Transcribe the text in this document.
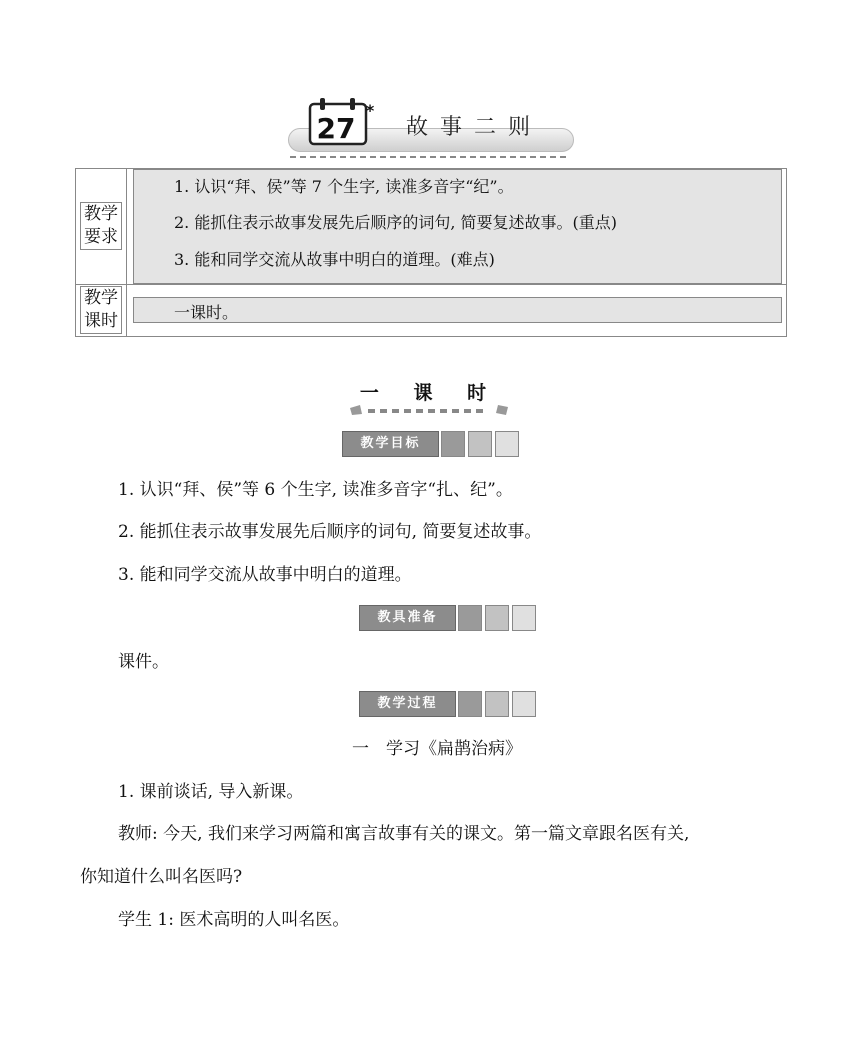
27
*
故事二则
教学
要求
1. 认识“拜、侯”等 7 个生字, 读准多音字“纪”。
2. 能抓住表示故事发展先后顺序的词句, 简要复述故事。(重点)
3. 能和同学交流从故事中明白的道理。(难点)
教学
课时	一课时。
一 课 时
教学目标
1. 认识“拜、侯”等 6 个生字, 读准多音字“扎、纪”。
2. 能抓住表示故事发展先后顺序的词句, 简要复述故事。
3. 能和同学交流从故事中明白的道理。
教具准备
课件。
教学过程
一　学习《扁鹊治病》
1. 课前谈话, 导入新课。
教师: 今天, 我们来学习两篇和寓言故事有关的课文。第一篇文章跟名医有关,
你知道什么叫名医吗?
学生 1: 医术高明的人叫名医。
